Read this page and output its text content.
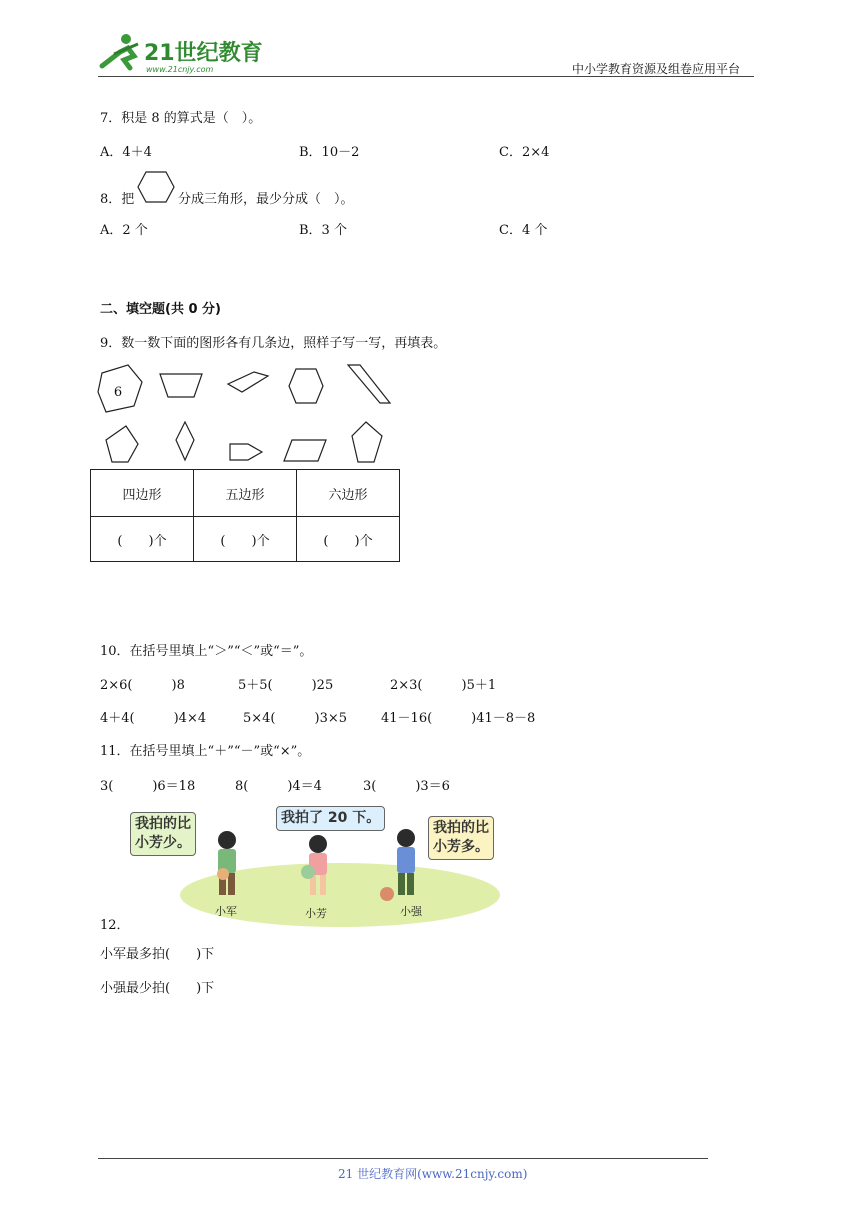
21世纪教育
www.21cnjy.com	中小学教育资源及组卷应用平台
7．积是 8 的算式是（　）。
A．4＋4	B．10－2	C．2×4
8．把	分成三角形，最少分成（　）。
A．2 个	B．3 个	C．4 个
二、填空题(共 0 分)
9．数一数下面的图形各有几条边，照样子写一写，再填表。
6
四边形	五边形	六边形
(　　)个	(　　)个	(　　)个
10．在括号里填上“＞”“＜”或“＝”。
2×6(　　　)8	5＋5(　　　)25	2×3(　　　)5＋1
4＋4(　　　)4×4	5×4(　　　)3×5	41－16(　　　)41－8－8
11．在括号里填上“＋”“－”或“×”。
3(　　　)6＝18	8(　　　)4＝4	3(　　　)3＝6
小军	小芳	小强
我拍的比
小芳少。
我拍了 20 下。
我拍的比
小芳多。
12．
小军最多拍(　　)下
小强最少拍(　　)下
21 世纪教育网(www.21cnjy.com)
